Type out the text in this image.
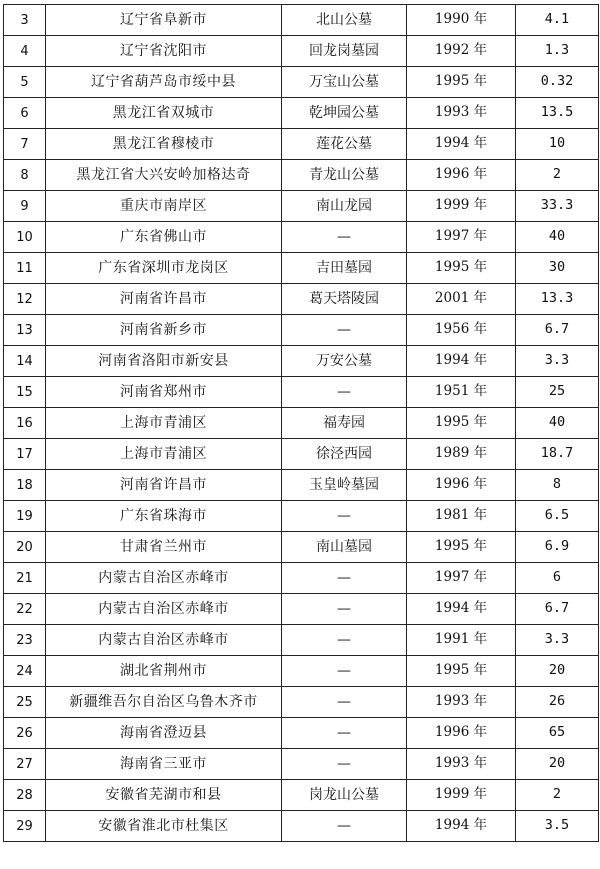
3	辽宁省阜新市	北山公墓	1990 年	4.1
4	辽宁省沈阳市	回龙岗墓园	1992 年	1.3
5	辽宁省葫芦岛市绥中县	万宝山公墓	1995 年	0.32
6	黑龙江省双城市	乾坤园公墓	1993 年	13.5
7	黑龙江省穆棱市	莲花公墓	1994 年	10
8	黑龙江省大兴安岭加格达奇	青龙山公墓	1996 年	2
9	重庆市南岸区	南山龙园	1999 年	33.3
10	广东省佛山市	—	1997 年	40
11	广东省深圳市龙岗区	吉田墓园	1995 年	30
12	河南省许昌市	葛天塔陵园	2001 年	13.3
13	河南省新乡市	—	1956 年	6.7
14	河南省洛阳市新安县	万安公墓	1994 年	3.3
15	河南省郑州市	—	1951 年	25
16	上海市青浦区	福寿园	1995 年	40
17	上海市青浦区	徐泾西园	1989 年	18.7
18	河南省许昌市	玉皇岭墓园	1996 年	8
19	广东省珠海市	—	1981 年	6.5
20	甘肃省兰州市	南山墓园	1995 年	6.9
21	内蒙古自治区赤峰市	—	1997 年	6
22	内蒙古自治区赤峰市	—	1994 年	6.7
23	内蒙古自治区赤峰市	—	1991 年	3.3
24	湖北省荆州市	—	1995 年	20
25	新疆维吾尔自治区乌鲁木齐市	—	1993 年	26
26	海南省澄迈县	—	1996 年	65
27	海南省三亚市	—	1993 年	20
28	安徽省芜湖市和县	岗龙山公墓	1999 年	2
29	安徽省淮北市杜集区	—	1994 年	3.5
